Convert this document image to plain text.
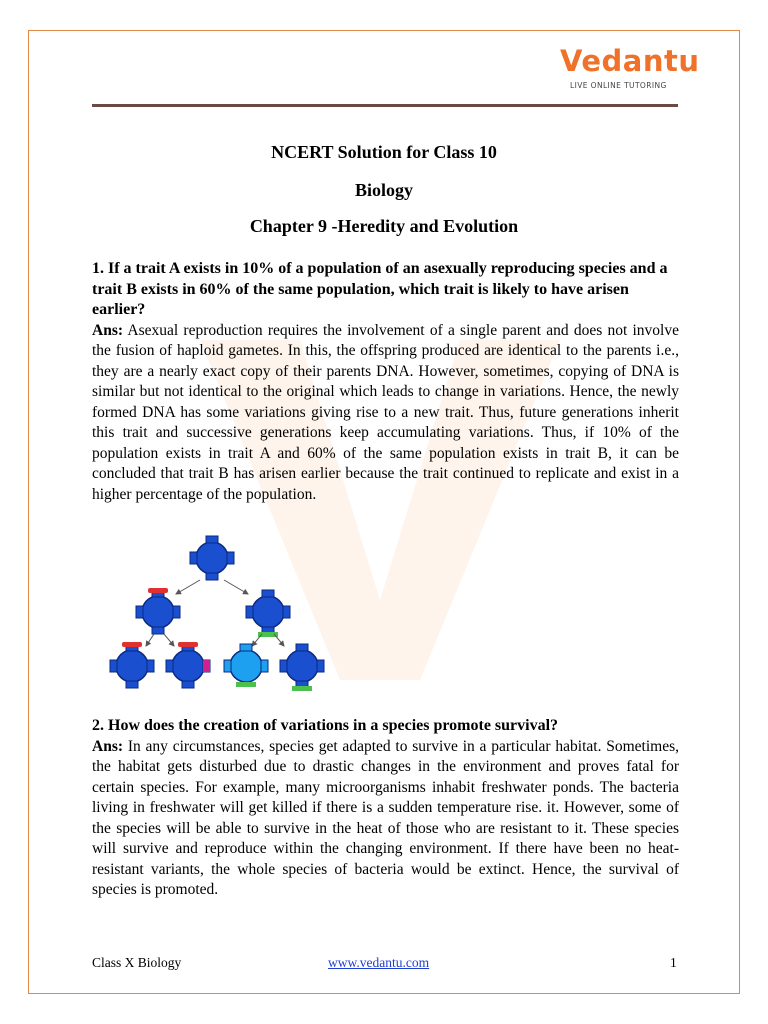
Vedantu
LIVE ONLINE TUTORING
NCERT Solution for Class 10
Biology
Chapter 9 -Heredity and Evolution
1. If a trait A exists in 10% of a population of an asexually reproducing species and a trait B exists in 60% of the same population, which trait is likely to have arisen earlier?
Ans: Asexual reproduction requires the involvement of a single parent and does not involve the fusion of haploid gametes. In this, the offspring produced are identical to the parents i.e., they are a nearly exact copy of their parents DNA. However, sometimes, copying of DNA is similar but not identical to the original which leads to change in variations. Hence, the newly formed DNA has some variations giving rise to a new trait. Thus, future generations inherit this trait and successive generations keep accumulating variations. Thus, if 10% of the population exists in trait A and 60% of the same population exists in trait B, it can be concluded that trait B has arisen earlier because the trait continued to replicate and exist in a higher percentage of the population.
2. How does the creation of variations in a species promote survival?
Ans: In any circumstances, species get adapted to survive in a particular habitat. Sometimes, the habitat gets disturbed due to drastic changes in the environment and proves fatal for certain species. For example, many microorganisms inhabit freshwater ponds. The bacteria living in freshwater will get killed if there is a sudden temperature rise. it. However, some of the species will be able to survive in the heat of those who are resistant to it. These species will survive and reproduce within the changing environment. If there have been no heat-resistant variants, the whole species of bacteria would be extinct. Hence, the survival of species is promoted.
Class X Biology	www.vedantu.com	1
